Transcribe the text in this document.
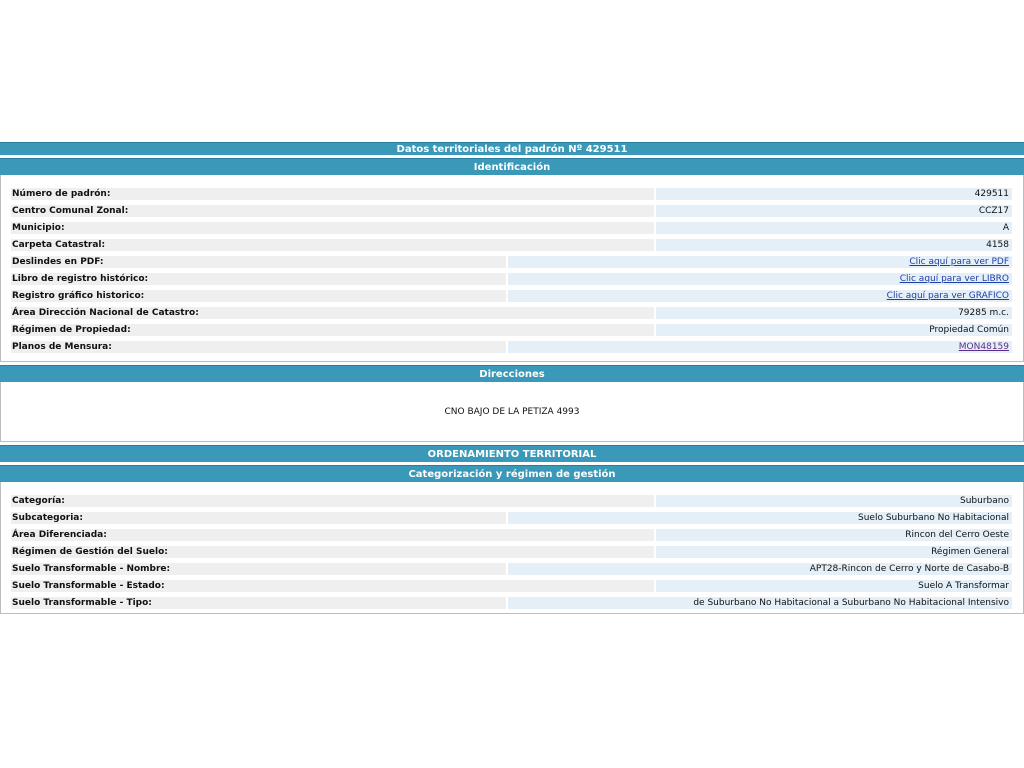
Datos territoriales del padrón Nº 429511
Identificación
Número de padrón:	429511
Centro Comunal Zonal:	CCZ17
Municipio:	A
Carpeta Catastral:	4158
Deslindes en PDF:	Clic aquí para ver PDF
Libro de registro histórico:	Clic aquí para ver LIBRO
Registro gráfico historico:	Clic aquí para ver GRAFICO
Área Dirección Nacional de Catastro:	79285 m.c.
Régimen de Propiedad:	Propiedad Común
Planos de Mensura:	MON48159
Direcciones
CNO BAJO DE LA PETIZA 4993
ORDENAMIENTO TERRITORIAL
Categorización y régimen de gestión
Categoría:	Suburbano
Subcategoria:	Suelo Suburbano No Habitacional
Área Diferenciada:	Rincon del Cerro Oeste
Régimen de Gestión del Suelo:	Régimen General
Suelo Transformable - Nombre:	APT28-Rincon de Cerro y Norte de Casabo-B
Suelo Transformable - Estado:	Suelo A Transformar
Suelo Transformable - Tipo:	de Suburbano No Habitacional a Suburbano No Habitacional Intensivo
